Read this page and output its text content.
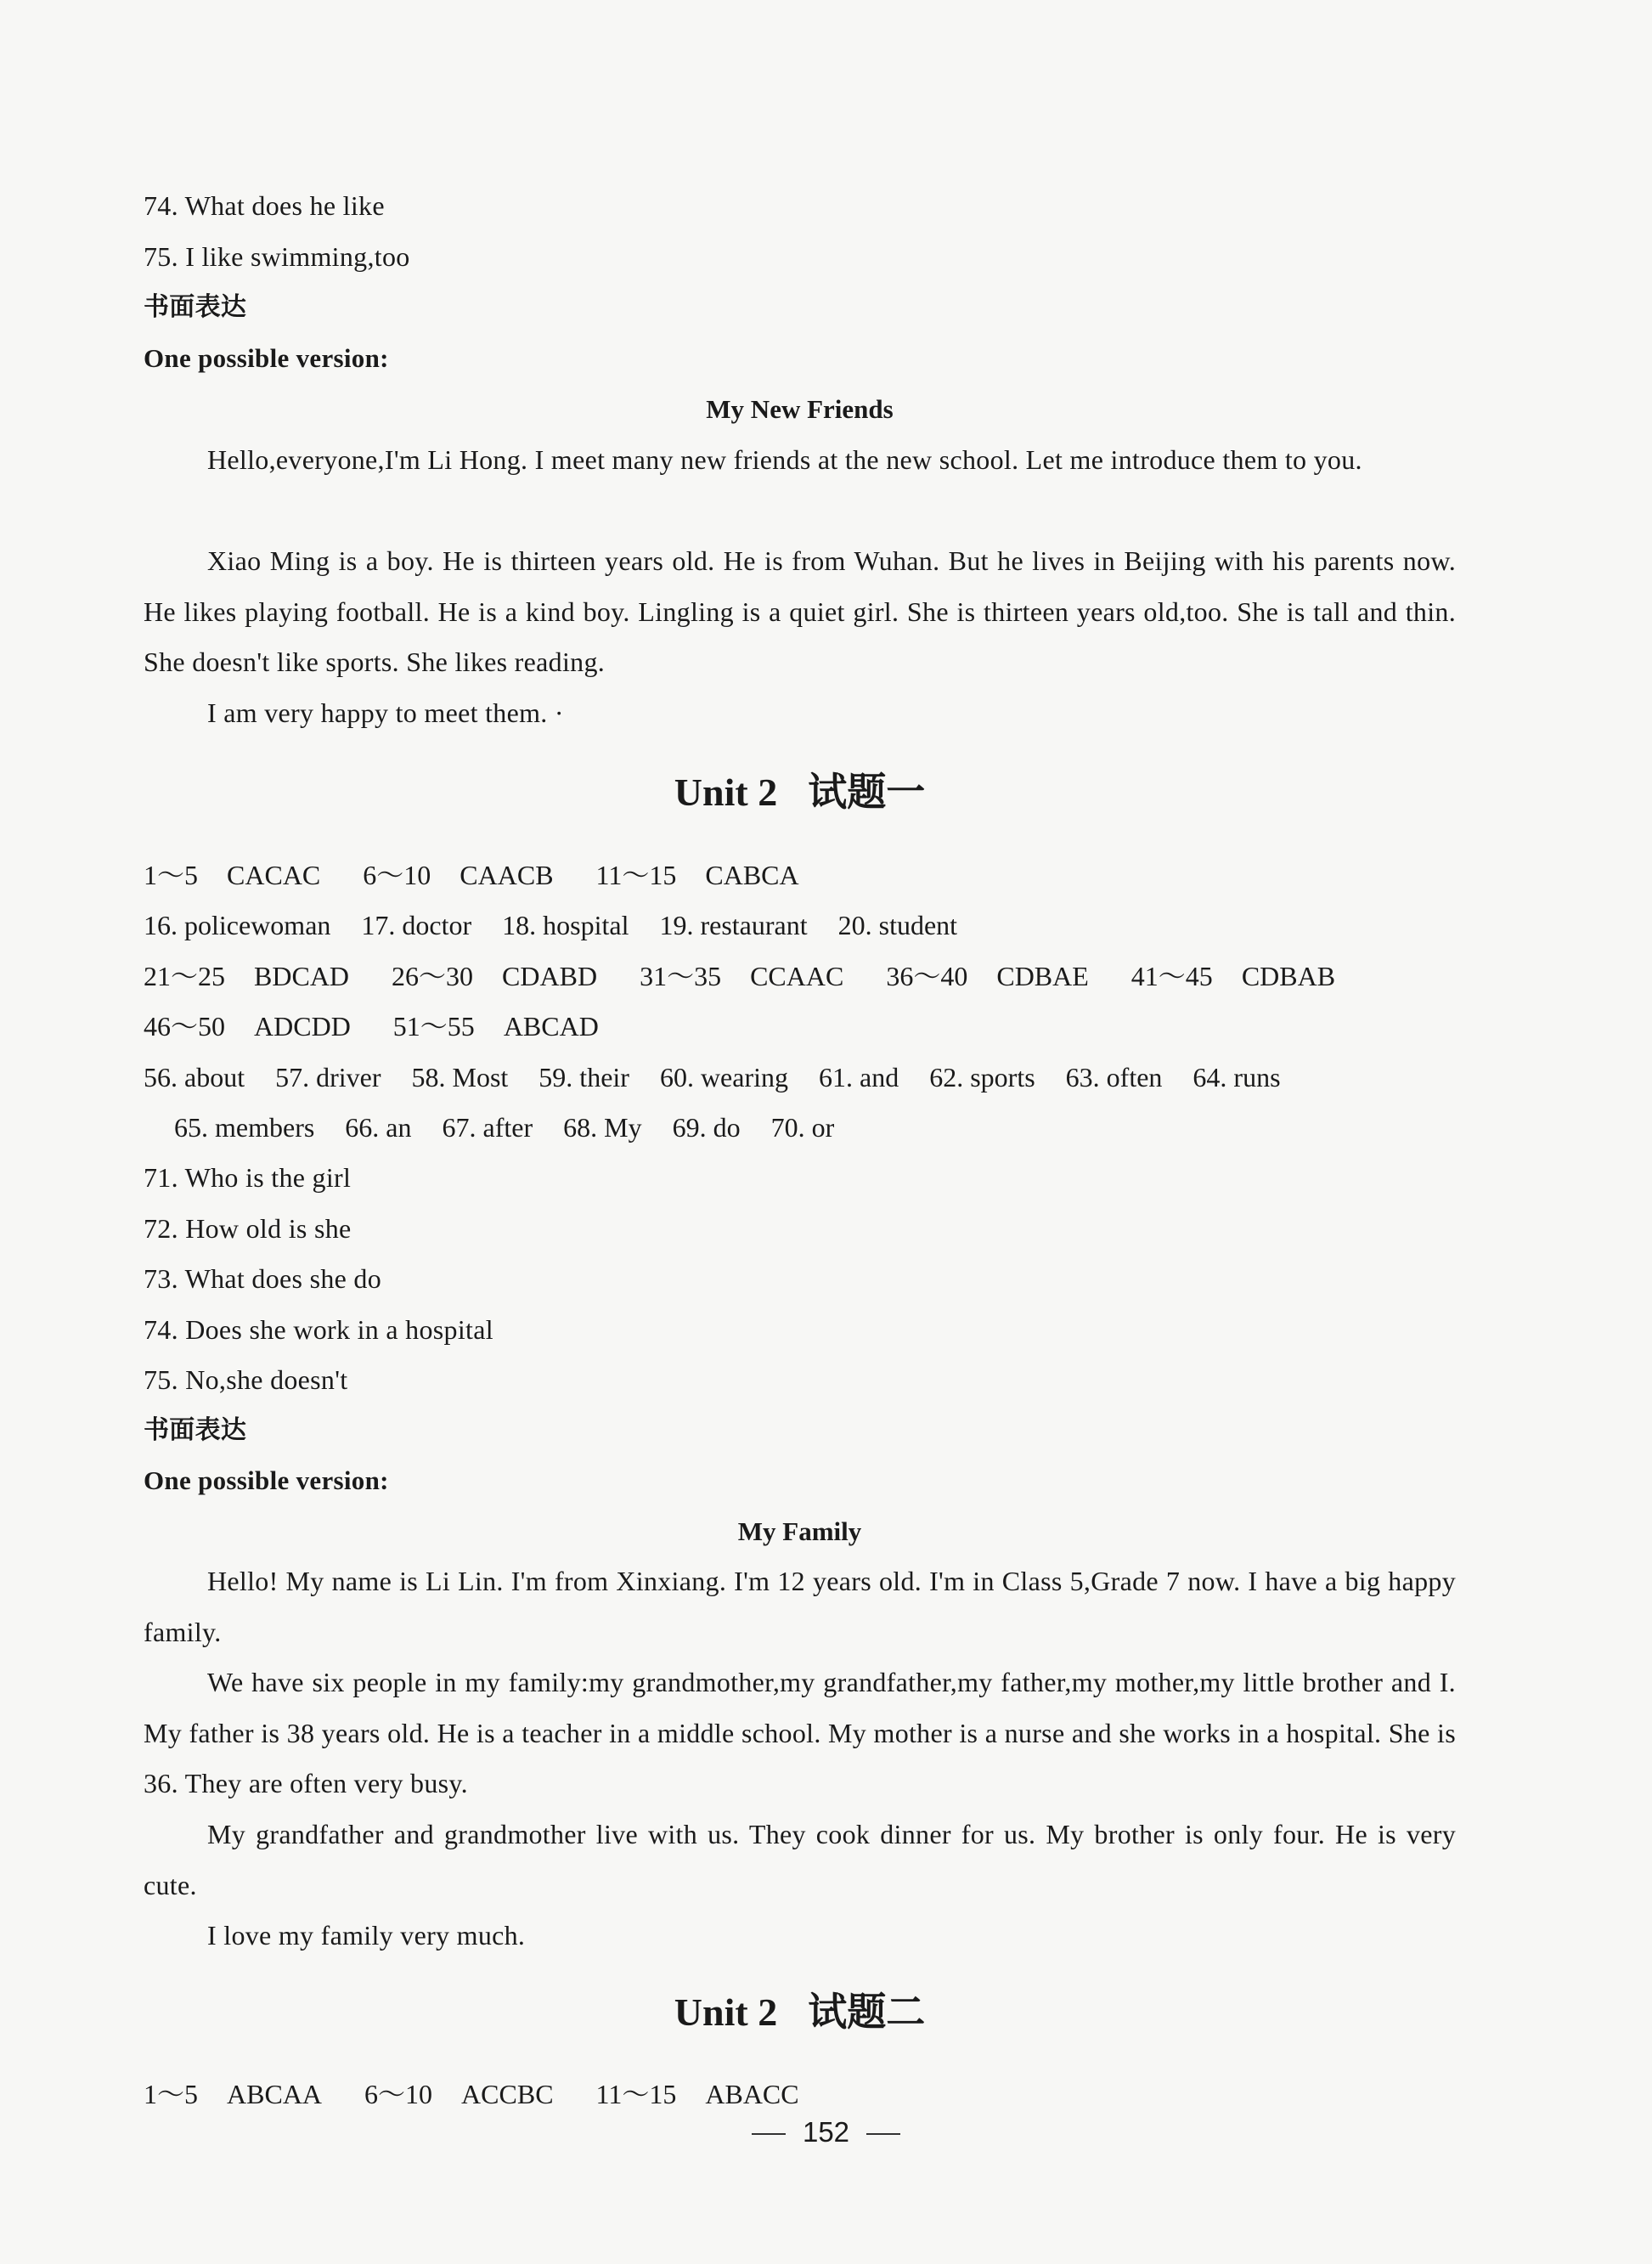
74. What does he like

75. I like swimming,too

书面表达

One possible version:

My New Friends

Hello,everyone,I'm Li Hong. I meet many new friends at the new school. Let me introduce them to you.

Xiao Ming is a boy. He is thirteen years old. He is from Wuhan. But he lives in Beijing with his parents now. He likes playing football. He is a kind boy. Lingling is a quiet girl. She is thirteen years old,too. She is tall and thin. She doesn't like sports. She likes reading.

I am very happy to meet them. ·

Unit 2 试题一

1～5 CACAC 6～10 CAACB 11～15 CABCA

16. policewoman 17. doctor 18. hospital 19. restaurant 20. student

21～25 BDCAD 26～30 CDABD 31～35 CCAAC 36～40 CDBAE 41～45 CDBAB

46～50 ADCDD 51～55 ABCAD

56. about 57. driver 58. Most 59. their 60. wearing 61. and 62. sports 63. often 64. runs

65. members 66. an 67. after 68. My 69. do 70. or

71. Who is the girl

72. How old is she

73. What does she do

74. Does she work in a hospital

75. No,she doesn't

书面表达

One possible version:

My Family

Hello! My name is Li Lin. I'm from Xinxiang. I'm 12 years old. I'm in Class 5,Grade 7 now. I have a big happy family.

We have six people in my family:my grandmother,my grandfather,my father,my mother,my little brother and I. My father is 38 years old. He is a teacher in a middle school. My mother is a nurse and she works in a hospital. She is 36. They are often very busy.

My grandfather and grandmother live with us. They cook dinner for us. My brother is only four. He is very cute.

I love my family very much.

Unit 2 试题二

1～5 ABCAA 6～10 ACCBC 11～15 ABACC

152
